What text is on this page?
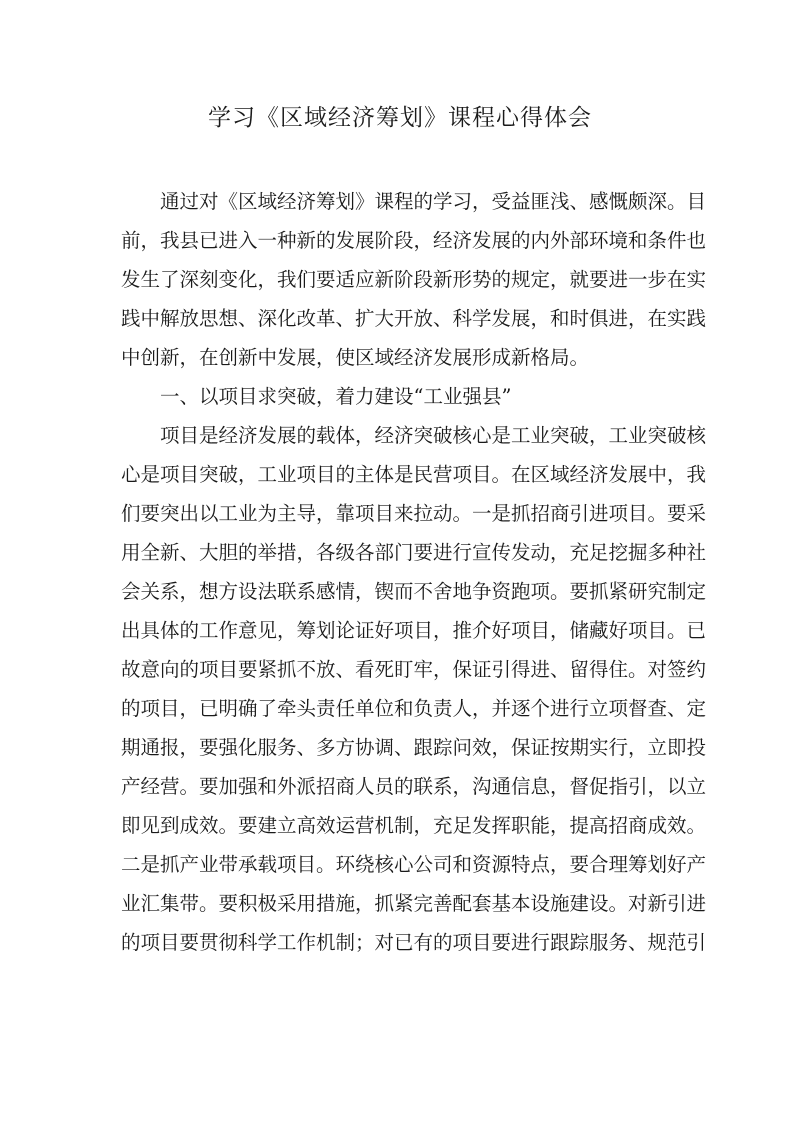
学习《区域经济筹划》课程心得体会
通过对《区域经济筹划》课程的学习，受益匪浅、感慨颇深。目
前，我县已进入一种新的发展阶段，经济发展的内外部环境和条件也
发生了深刻变化，我们要适应新阶段新形势的规定，就要进一步在实
践中解放思想、深化改革、扩大开放、科学发展，和时俱进，在实践
中创新，在创新中发展，使区域经济发展形成新格局。
一、以项目求突破，着力建设“工业强县”
项目是经济发展的载体，经济突破核心是工业突破，工业突破核
心是项目突破，工业项目的主体是民营项目。在区域经济发展中，我
们要突出以工业为主导，靠项目来拉动。一是抓招商引进项目。要采
用全新、大胆的举措，各级各部门要进行宣传发动，充足挖掘多种社
会关系，想方设法联系感情，锲而不舍地争资跑项。要抓紧研究制定
出具体的工作意见，筹划论证好项目，推介好项目，储藏好项目。已
故意向的项目要紧抓不放、看死盯牢，保证引得进、留得住。对签约
的项目，已明确了牵头责任单位和负责人，并逐个进行立项督查、定
期通报，要强化服务、多方协调、跟踪问效，保证按期实行，立即投
产经营。要加强和外派招商人员的联系，沟通信息，督促指引，以立
即见到成效。要建立高效运营机制，充足发挥职能，提高招商成效。
二是抓产业带承载项目。环绕核心公司和资源特点，要合理筹划好产
业汇集带。要积极采用措施，抓紧完善配套基本设施建设。对新引进
的项目要贯彻科学工作机制；对已有的项目要进行跟踪服务、规范引
